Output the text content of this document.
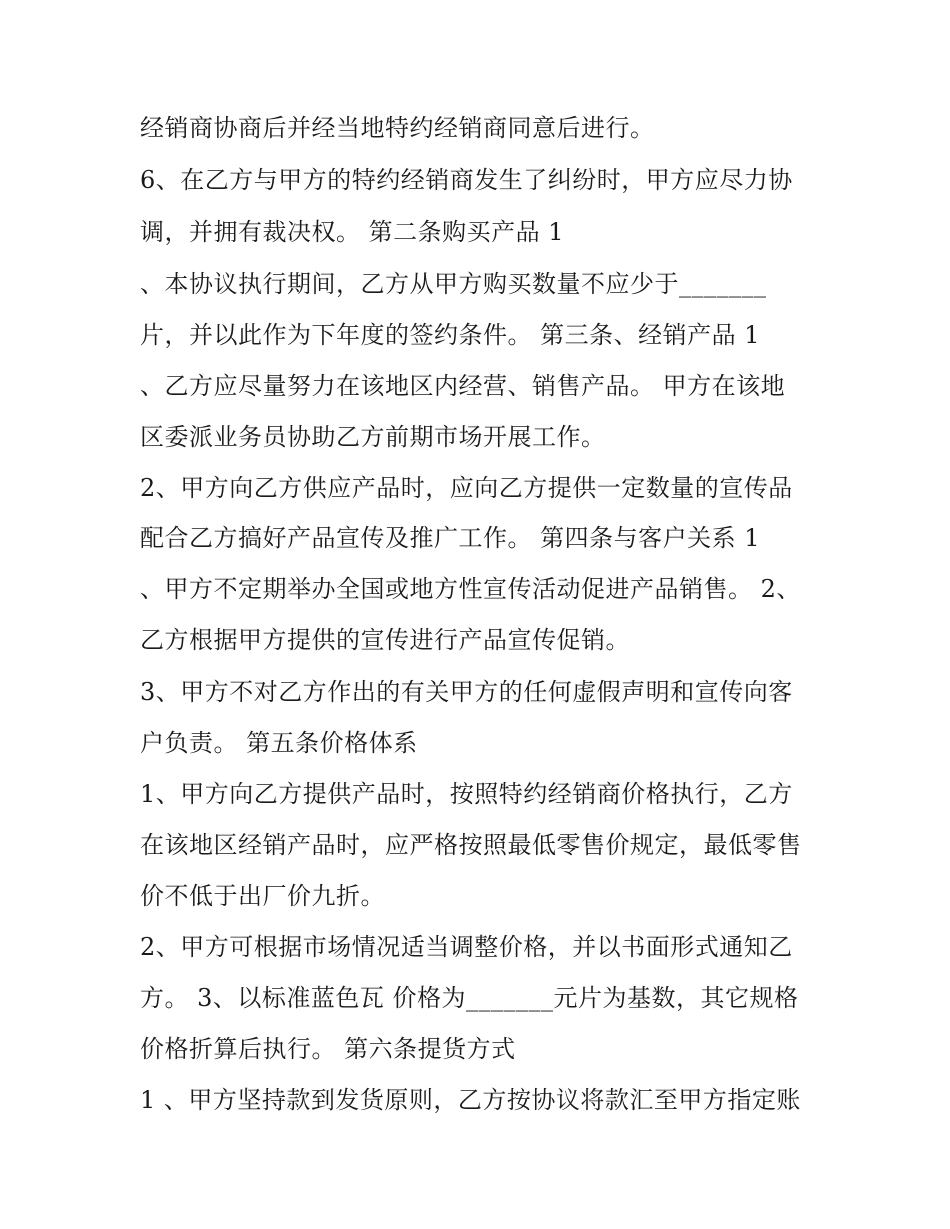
经销商协商后并经当地特约经销商同意后进行。
6、在乙方与甲方的特约经销商发生了纠纷时，甲方应尽力协
调，并拥有裁决权。 第二条购买产品 1
、本协议执行期间，乙方从甲方购买数量不应少于_______
片，并以此作为下年度的签约条件。 第三条、经销产品 1
、乙方应尽量努力在该地区内经营、销售产品。 甲方在该地
区委派业务员协助乙方前期市场开展工作。
2、甲方向乙方供应产品时，应向乙方提供一定数量的宣传品
配合乙方搞好产品宣传及推广工作。 第四条与客户关系 1
、甲方不定期举办全国或地方性宣传活动促进产品销售。 2、
乙方根据甲方提供的宣传进行产品宣传促销。
3、甲方不对乙方作出的有关甲方的任何虚假声明和宣传向客
户负责。 第五条价格体系
1、甲方向乙方提供产品时，按照特约经销商价格执行，乙方
在该地区经销产品时，应严格按照最低零售价规定，最低零售
价不低于出厂价九折。
2、甲方可根据市场情况适当调整价格，并以书面形式通知乙
方。 3、以标准蓝色瓦 价格为_______元片为基数，其它规格
价格折算后执行。 第六条提货方式
1 、甲方坚持款到发货原则，乙方按协议将款汇至甲方指定账
